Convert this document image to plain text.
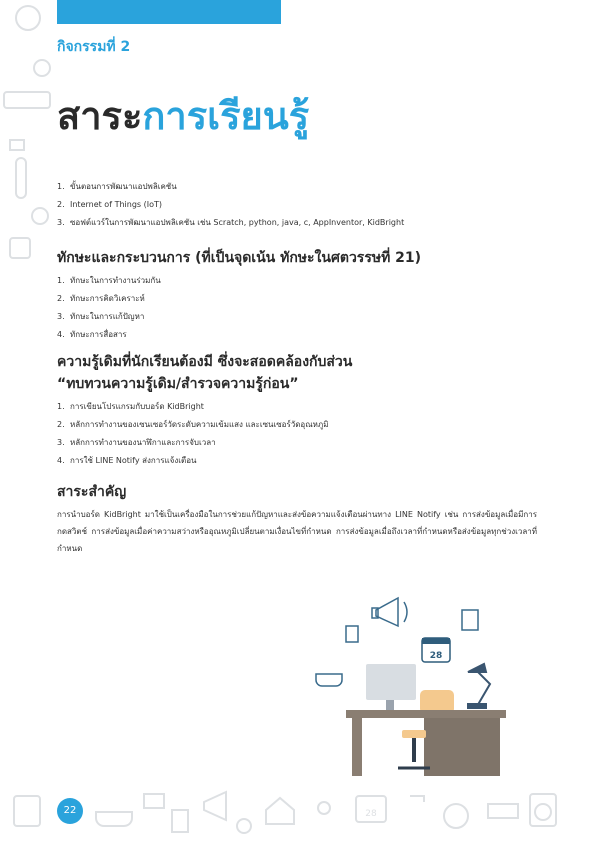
กิจกรรมที่ 2
สาระการเรียนรู้
1. ขั้นตอนการพัฒนาแอปพลิเคชัน
2. Internet of Things (IoT)
3. ซอฟต์แวร์ในการพัฒนาแอปพลิเคชัน เช่น Scratch, python, java, c, AppInventor, KidBright

ทักษะและกระบวนการ (ที่เป็นจุดเน้น ทักษะในศตวรรษที่ 21)

1. ทักษะในการทำงานร่วมกัน
2. ทักษะการคิดวิเคราะห์
3. ทักษะในการแก้ปัญหา
4. ทักษะการสื่อสาร

ความรู้เดิมที่นักเรียนต้องมี ซึ่งจะสอดคล้องกับส่วน

“ทบทวนความรู้เดิม/สำรวจความรู้ก่อน”

1. การเขียนโปรแกรมกับบอร์ด KidBright
2. หลักการทำงานของเซนเซอร์วัดระดับความเข้มแสง และเซนเซอร์วัดอุณหภูมิ
3. หลักการทำงานของนาฬิกาและการจับเวลา
4. การใช้ LINE Notify ส่งการแจ้งเตือน

สาระสำคัญ

การนำบอร์ด KidBright มาใช้เป็นเครื่องมือในการช่วยแก้ปัญหาและส่งข้อความแจ้งเตือนผ่านทาง LINE Notify เช่น การส่งข้อมูลเมื่อมีการกดสวิตช์ การส่งข้อมูลเมื่อค่าความสว่างหรืออุณหภูมิเปลี่ยนตามเงื่อนไขที่กำหนด การส่งข้อมูลเมื่อถึงเวลาที่กำหนดหรือส่งข้อมูลทุกช่วงเวลาที่กำหนด
28
28
22
